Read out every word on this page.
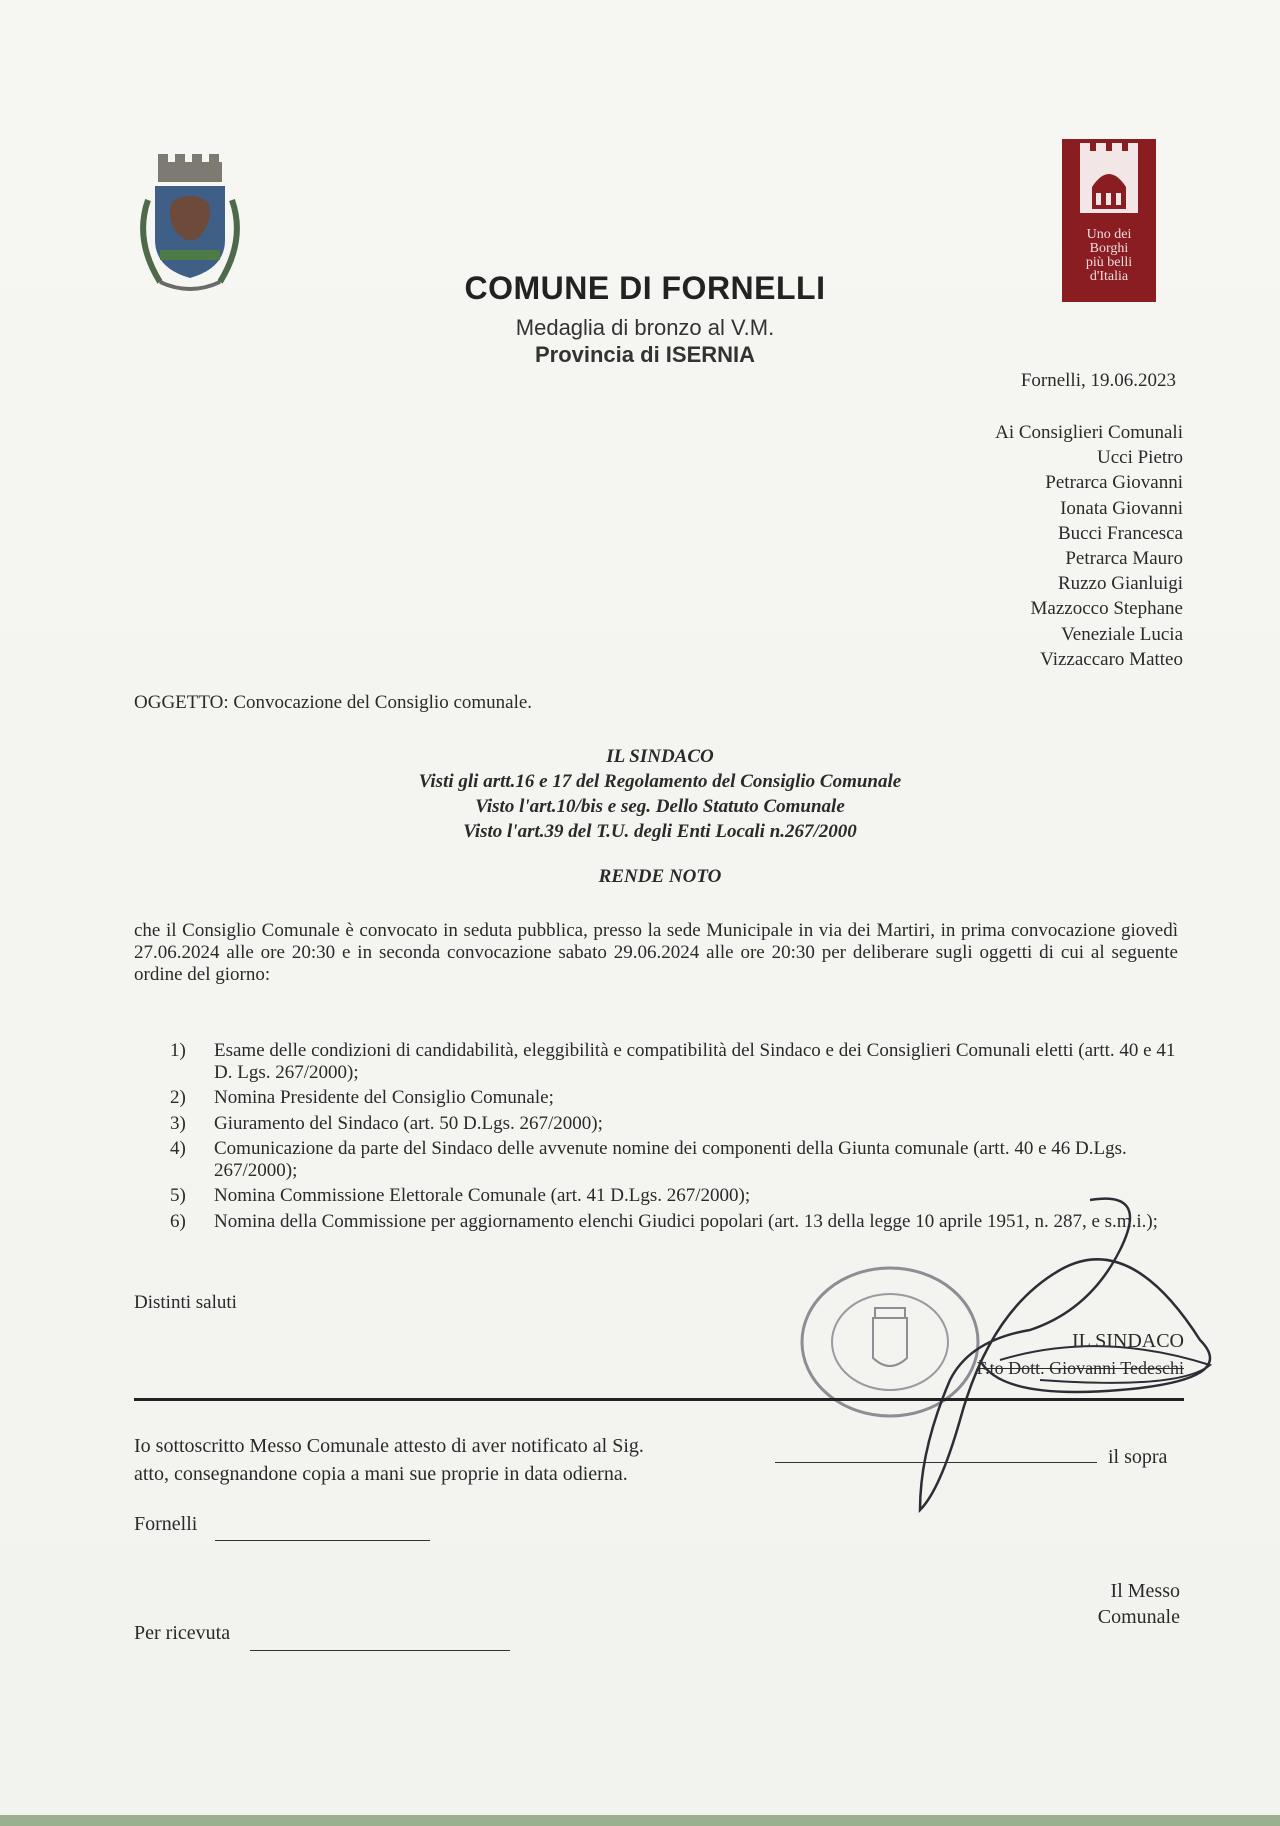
Uno dei
Borghi
più belli
d'Italia
COMUNE DI FORNELLI
Medaglia di bronzo al V.M.
Provincia di ISERNIA
Fornelli, 19.06.2023
Ai Consiglieri Comunali
Ucci Pietro
Petrarca Giovanni
Ionata Giovanni
Bucci Francesca
Petrarca Mauro
Ruzzo Gianluigi
Mazzocco Stephane
Veneziale Lucia
Vizzaccaro Matteo
OGGETTO: Convocazione del Consiglio comunale.
IL SINDACO
Visti gli artt.16 e 17 del Regolamento del Consiglio Comunale
Visto l'art.10/bis e seg. Dello Statuto Comunale
Visto l'art.39 del T.U. degli Enti Locali n.267/2000
RENDE NOTO
che il Consiglio Comunale è convocato in seduta pubblica, presso la sede Municipale in via dei Martiri, in prima convocazione giovedì 27.06.2024 alle ore 20:30 e in seconda convocazione sabato 29.06.2024 alle ore 20:30 per deliberare sugli oggetti di cui al seguente ordine del giorno:
1) Esame delle condizioni di candidabilità, eleggibilità e compatibilità del Sindaco e dei Consiglieri Comunali eletti (artt. 40 e 41 D. Lgs. 267/2000);
2) Nomina Presidente del Consiglio Comunale;
3) Giuramento del Sindaco (art. 50 D.Lgs. 267/2000);
4) Comunicazione da parte del Sindaco delle avvenute nomine dei componenti della Giunta comunale (artt. 40 e 46 D.Lgs. 267/2000);
5) Nomina Commissione Elettorale Comunale (art. 41 D.Lgs. 267/2000);
6) Nomina della Commissione per aggiornamento elenchi Giudici popolari (art. 13 della legge 10 aprile 1951, n. 287, e s.m.i.);
Distinti saluti
IL SINDACO
F.to Dott. Giovanni Tedeschi
Io sottoscritto Messo Comunale attesto di aver notificato al Sig.
atto, consegnandone copia a mani sue proprie in data odierna.
il sopra
Fornelli
Il Messo
Comunale
Per ricevuta
